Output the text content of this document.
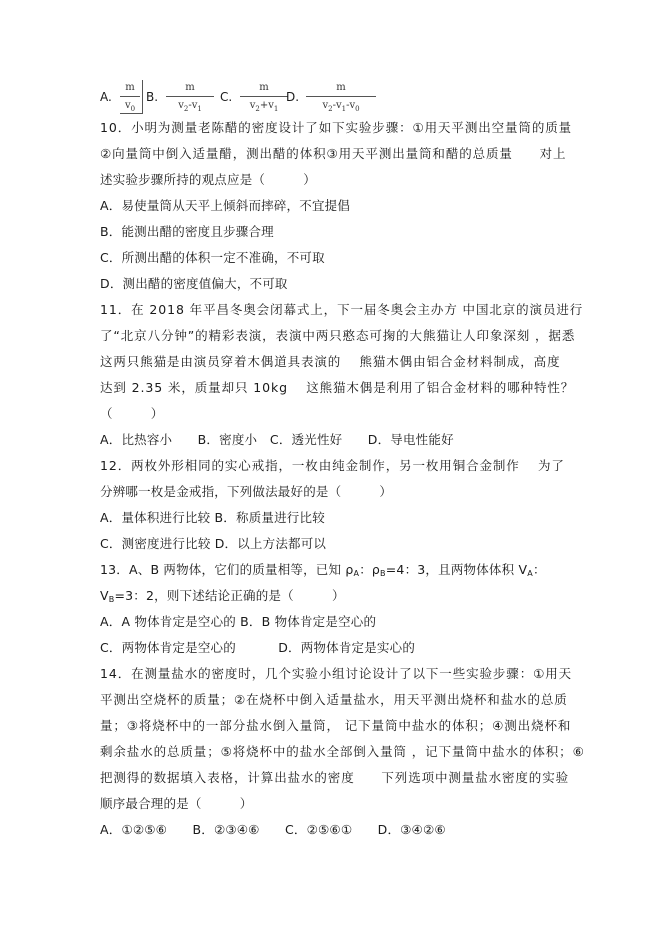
A.
m
$v_0$
B.
m
$v_2-v_1$
C.
m
$v_2+v_1$
D.
m
$v_2-v_1-v_0$
10．小明为测量老陈醋的密度设计了如下实验步骤：①用天平测出空量筒的质量
②向量筒中倒入适量醋，测出醋的体积③用天平测出量筒和醋的总质量　　对上
述实验步骤所持的观点应是（　　　）
A．易使量筒从天平上倾斜而摔碎，不宜提倡
B．能测出醋的密度且步骤合理
C．所测出醋的体积一定不准确，不可取
D．测出醋的密度值偏大，不可取
11．在 2018 年平昌冬奥会闭幕式上，下一届冬奥会主办方 中国北京的演员进行
了“北京八分钟”的精彩表演，表演中两只憨态可掬的大熊猫让人印象深刻 ，据悉
这两只熊猫是由演员穿着木偶道具表演的　 熊猫木偶由铝合金材料制成，高度
达到 2.35 米，质量却只 10kg　 这熊猫木偶是利用了铝合金材料的哪种特性？
（　　　）
A．比热容小　　B．密度小　C．透光性好　　D．导电性能好
12．两枚外形相同的实心戒指，一枚由纯金制作，另一枚用铜合金制作　 为了
分辨哪一枚是金戒指，下列做法最好的是（　　　）
A．量体积进行比较 B．称质量进行比较
C．测密度进行比较 D．以上方法都可以
13．A、B 两物体，它们的质量相等，已知 $\rho_A$：$\rho_B=4$：3，且两物体体积 $V_A$：
$V_B=3$：2，则下述结论正确的是（　　　）
A．A 物体肯定是空心的 B．B 物体肯定是空心的
C．两物体肯定是空心的　　　 D．两物体肯定是实心的
14．在测量盐水的密度时，几个实验小组讨论设计了以下一些实验步骤：①用天
平测出空烧杯的质量；②在烧杯中倒入适量盐水，用天平测出烧杯和盐水的总质
量；③将烧杯中的一部分盐水倒入量筒， 记下量筒中盐水的体积；④测出烧杯和
剩余盐水的总质量；⑤将烧杯中的盐水全部倒入量筒 ，记下量筒中盐水的体积；⑥
把测得的数据填入表格，计算出盐水的密度　　下列选项中测量盐水密度的实验
顺序最合理的是（　　　）
A．①②⑤⑥　　B．②③④⑥　　C．②⑤⑥①　　D．③④②⑥
